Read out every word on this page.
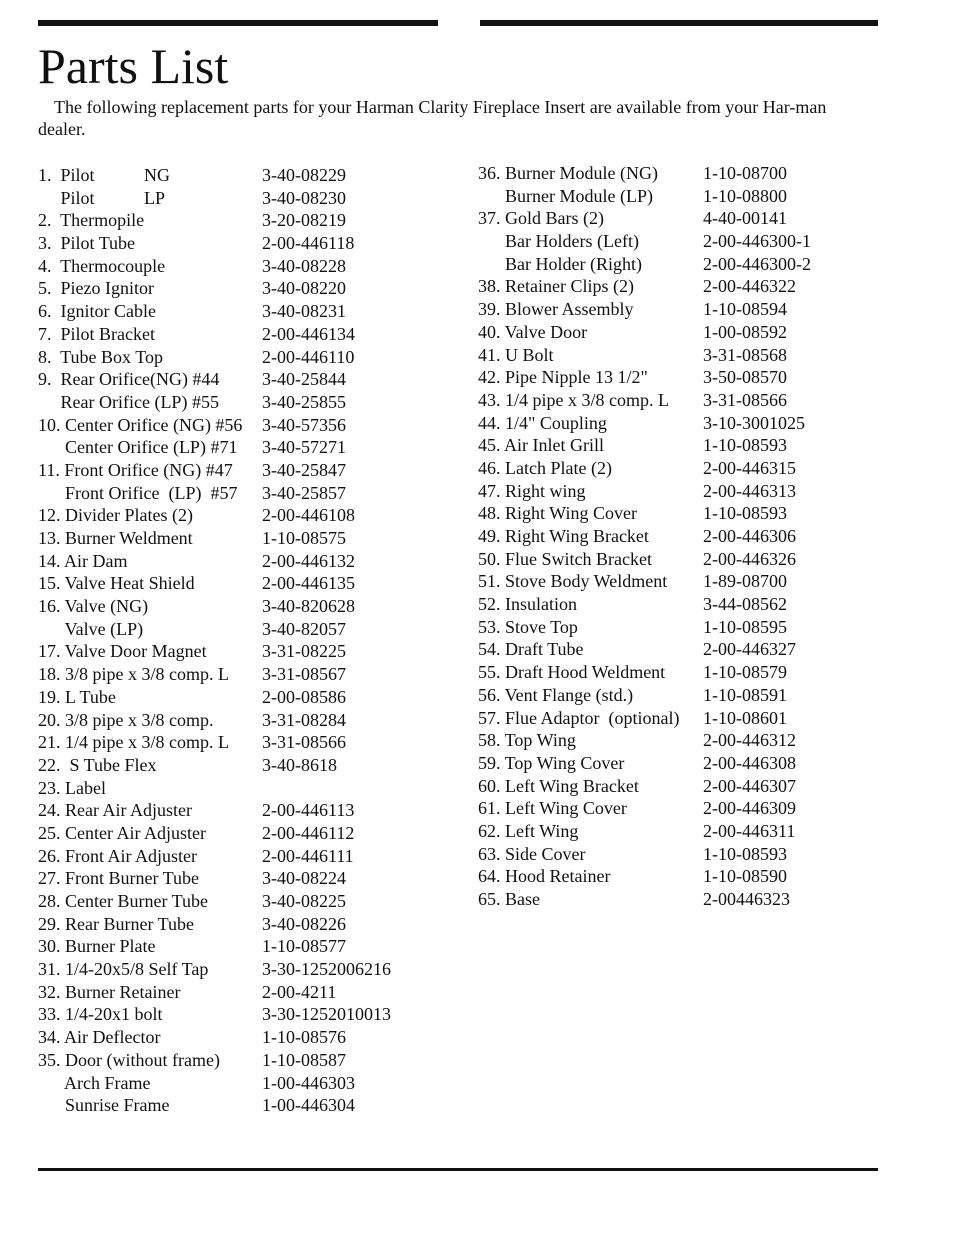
Parts List

The following replacement parts for your Harman Clarity Fireplace Insert are available from your Har-man dealer.

1.  Pilot           NG	3-40-08229
Pilot           LP	3-40-08230
2.  Thermopile	3-20-08219
3.  Pilot Tube	2-00-446118
4.  Thermocouple	3-40-08228
5.  Piezo Ignitor	3-40-08220
6.  Ignitor Cable	3-40-08231
7.  Pilot Bracket	2-00-446134
8.  Tube Box Top	2-00-446110
9.  Rear Orifice(NG) #44 3-40-25844
Rear Orifice (LP) #55 3-40-25855
10. Center Orifice (NG) #56 3-40-57356
Center Orifice (LP) #71 3-40-57271
11. Front Orifice (NG) #47 3-40-25847
Front Orifice  (LP)  #57 3-40-25857
12. Divider Plates (2)	2-00-446108
13. Burner Weldment	1-10-08575
14. Air Dam	2-00-446132
15. Valve Heat Shield	2-00-446135
16. Valve (NG)	3-40-820628
Valve (LP)	3-40-82057
17. Valve Door Magnet	3-31-08225
18. 3/8 pipe x 3/8 comp. L 3-31-08567
19. L Tube	2-00-08586
20. 3/8 pipe x 3/8 comp.	3-31-08284
21. 1/4 pipe x 3/8 comp. L 3-31-08566
22.  S Tube Flex	3-40-8618
23. Label
24. Rear Air Adjuster	2-00-446113
25. Center Air Adjuster	2-00-446112
26. Front Air Adjuster	2-00-446111
27. Front Burner Tube	3-40-08224
28. Center Burner Tube	3-40-08225
29. Rear Burner Tube	3-40-08226
30. Burner Plate	1-10-08577
31. 1/4-20x5/8 Self Tap	3-30-1252006216
32. Burner Retainer	2-00-4211
33. 1/4-20x1 bolt	3-30-1252010013
34. Air Deflector	1-10-08576
35. Door (without frame) 1-10-08587
Arch Frame	1-00-446303
Sunrise Frame	1-00-446304
36. Burner Module (NG)	1-10-08700
Burner Module (LP)	1-10-08800
37. Gold Bars (2)	4-40-00141
Bar Holders (Left)	2-00-446300-1
Bar Holder (Right)	2-00-446300-2
38. Retainer Clips (2)	2-00-446322
39. Blower Assembly	1-10-08594
40. Valve Door	1-00-08592
41. U Bolt	3-31-08568
42. Pipe Nipple 13 1/2"	3-50-08570
43. 1/4 pipe x 3/8 comp. L 3-31-08566
44. 1/4" Coupling	3-10-3001025
45. Air Inlet Grill	1-10-08593
46. Latch Plate (2)	2-00-446315
47. Right wing	2-00-446313
48. Right Wing Cover	1-10-08593
49. Right Wing Bracket	2-00-446306
50. Flue Switch Bracket	2-00-446326
51. Stove Body Weldment 1-89-08700
52. Insulation	3-44-08562
53. Stove Top	1-10-08595
54. Draft Tube	2-00-446327
55. Draft Hood Weldment 1-10-08579
56. Vent Flange (std.)	1-10-08591
57. Flue Adaptor  (optional) 1-10-08601
58. Top Wing	2-00-446312
59. Top Wing Cover	2-00-446308
60. Left Wing Bracket	2-00-446307
61. Left Wing Cover	2-00-446309
62. Left Wing	2-00-446311
63. Side Cover	1-10-08593
64. Hood Retainer	1-10-08590
65. Base	2-00446323
